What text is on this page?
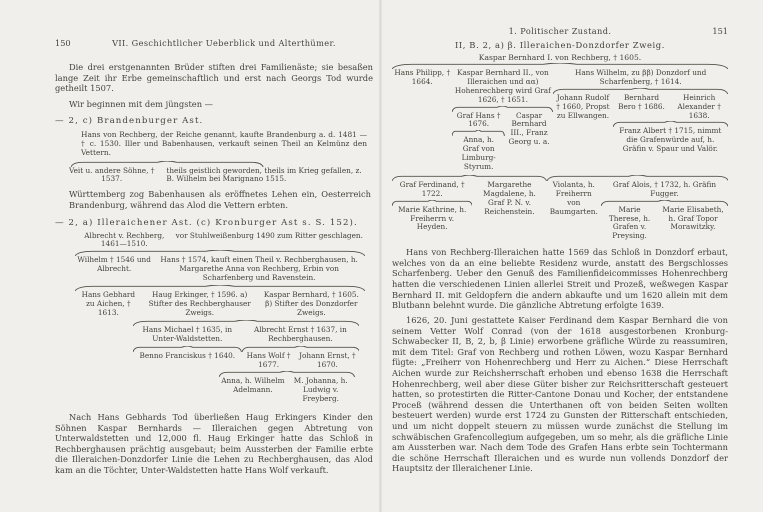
150	VII. Geschichtlicher Ueberblick und Alterthümer.

Die drei erstgenannten Brüder stiften drei Familienäste; sie besaßen lange Zeit ihr Erbe gemeinschaftlich und erst nach Georgs Tod wurde getheilt 1507.

Wir beginnen mit dem jüngsten —

— 2, c) Brandenburger Ast.

Hans von Rechberg, der Reiche genannt, kaufte Brandenburg a. d. 1481 — † c. 1530. Iller und Babenhausen, verkauft seinen Theil an Kelmünz den Vettern.

Veit u. andere Söhne, † 1537.
theils geistlich geworden, theils im Krieg gefallen, z. B. Wilhelm bei Marignano 1515.

Württemberg zog Babenhausen als eröffnetes Lehen ein, Oesterreich Brandenburg, während das Alod die Vettern erbten.

— 2, a) Illeraichener Ast. (c) Kronburger Ast s. S. 152).
Albrecht v. Rechberg, 1461—1510.
vor Stuhlweißenburg 1490 zum Ritter geschlagen.
Wilhelm † 1546 und Albrecht.
Hans † 1574, kauft einen Theil v. Rechberghausen, h. Margarethe Anna von Rechberg, Erbin von Scharfenberg und Ravenstein.
Hans Gebhard zu Aichen, † 1613.
Haug Erkinger, † 1596. a) Stifter des Rechberghauser Zweigs.
Kaspar Bernhard, † 1605. β) Stifter des Donzdorfer Zweigs.
Hans Michael † 1635, in Unter-Waldstetten.
Albrecht Ernst † 1637, in Rechberghausen.
Benno Franciskus † 1640.	Hans Wolf † 1677.
Johann Ernst, † 1670.
Anna, h. Wilhelm Adelmann.
M. Johanna, h. Ludwig v. Freyberg.

Nach Hans Gebhards Tod überließen Haug Erkingers Kinder den Söhnen Kaspar Bernhards — Illeraichen gegen Abtretung von Unterwaldstetten und 12,000 fl. Haug Erkinger hatte das Schloß in Rechberghausen prächtig ausgebaut; beim Aussterben der Familie erbte die Illeraichen-Donzdorfer Linie die Lehen zu Rechberghausen, das Alod kam an die Töchter, Unter-Waldstetten hatte Hans Wolf verkauft.

1. Politischer Zustand.	151
II, B. 2, a) β. Illeraichen-Donzdorfer Zweig.
Kaspar Bernhard I. von Rechberg, † 1605.
Hans Philipp, † 1664.
Kaspar Bernhard II., von Illeraichen und αα) Hohenrechberg wird Graf 1626, † 1651.
Graf Hans † 1676.
Anna, h. Graf von Limburg-Styrum.
Caspar Bernhard III., Franz Georg u. a.
Hans Wilhelm, zu ββ) Donzdorf und Scharfenberg, † 1614.
Johann Rudolf † 1660, Propst zu Ellwangen.
Bernhard Bero † 1686.
Heinrich Alexander † 1638.
Franz Albert † 1715, nimmt die Grafenwürde auf, h. Gräfin v. Spaur und Valör.
Graf Ferdinand, † 1722.
Marie Kathrine, h. Freiherrn v. Heyden.
Margarethe Magdalene, h. Graf P. N. v. Reichenstein.
Violanta, h. Freiherrn von Baumgarten.
Graf Alois, † 1732, h. Gräfin Fugger.
Marie Therese, h. Grafen v. Preysing.
Marie Elisabeth, h. Graf Topor Morawitzky.

Hans von Rechberg-Illeraichen hatte 1569 das Schloß in Donzdorf erbaut, welches von da an eine beliebte Residenz wurde, anstatt des Bergschlosses Scharfenberg. Ueber den Genuß des Familienfideicommisses Hohenrechberg hatten die verschiedenen Linien allerlei Streit und Prozeß, weßwegen Kaspar Bernhard II. mit Geldopfern die andern abkaufte und um 1620 allein mit dem Blutbann belehnt wurde. Die gänzliche Abtretung erfolgte 1639.

1626, 20. Juni gestattete Kaiser Ferdinand dem Kaspar Bernhard die von seinem Vetter Wolf Conrad (von der 1618 ausgestorbenen Kronburg-Schwabecker II, B, 2, b, β Linie) erworbene gräfliche Würde zu reassumiren, mit dem Titel: Graf von Rechberg und rothen Löwen, wozu Kaspar Bernhard fügte: „Freiherr von Hohenrechberg und Herr zu Aichen.“ Diese Herrschaft Aichen wurde zur Reichsherrschaft erhoben und ebenso 1638 die Herrschaft Hohenrechberg, weil aber diese Güter bisher zur Reichsritterschaft gesteuert hatten, so protestirten die Ritter-Cantone Donau und Kocher, der entstandene Proceß (während dessen die Unterthanen oft von beiden Seiten wollten besteuert werden) wurde erst 1724 zu Gunsten der Ritterschaft entschieden, und um nicht doppelt steuern zu müssen wurde zunächst die Stellung im schwäbischen Grafencollegium aufgegeben, um so mehr, als die gräfliche Linie am Aussterben war. Nach dem Tode des Grafen Hans erbte sein Tochtermann die schöne Herrschaft Illeraichen und es wurde nun vollends Donzdorf der Hauptsitz der Illeraichener Linie.
